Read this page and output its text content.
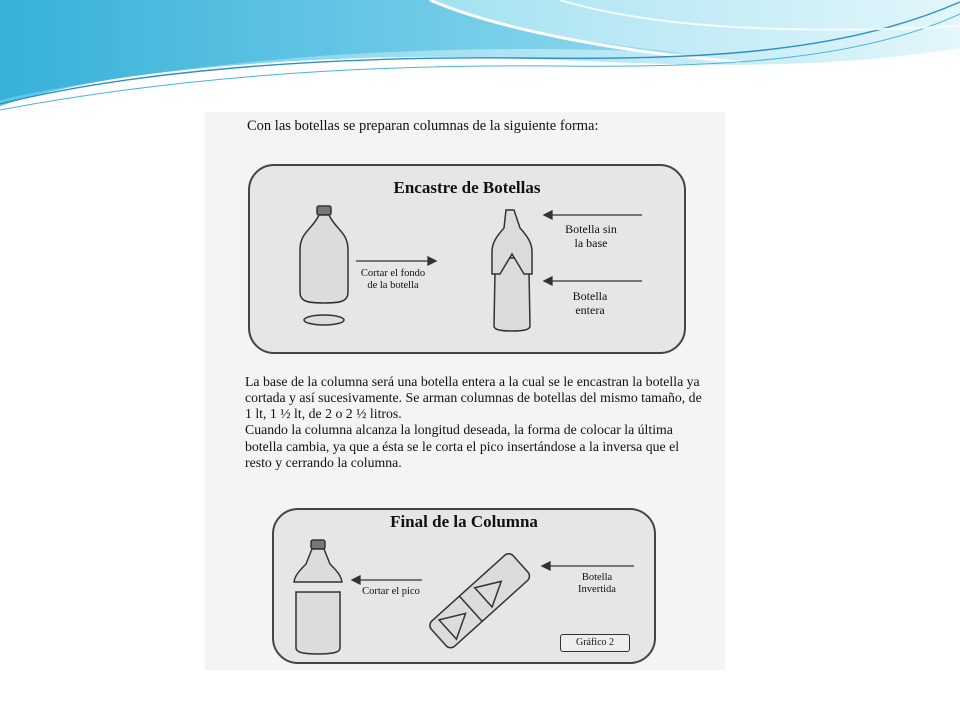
Con las botellas se preparan columnas de la siguiente forma:

Encastre de Botellas
Cortar el fondo
de la botella
Botella sin
la base
Botella
entera

La base de la columna será una botella entera a la cual se le encastran la botella ya cortada y así sucesivamente. Se arman columnas de botellas del mismo tamaño, de 1 lt, 1 ½ lt, de 2 o 2 ½ litros.

Cuando la columna alcanza la longitud deseada, la forma de colocar la última botella cambia, ya que a ésta se le corta el pico insertándose a la inversa que el resto y cerrando la columna.

Final de la Columna
Cortar el pico
Botella
Invertida
Gráfico 2
